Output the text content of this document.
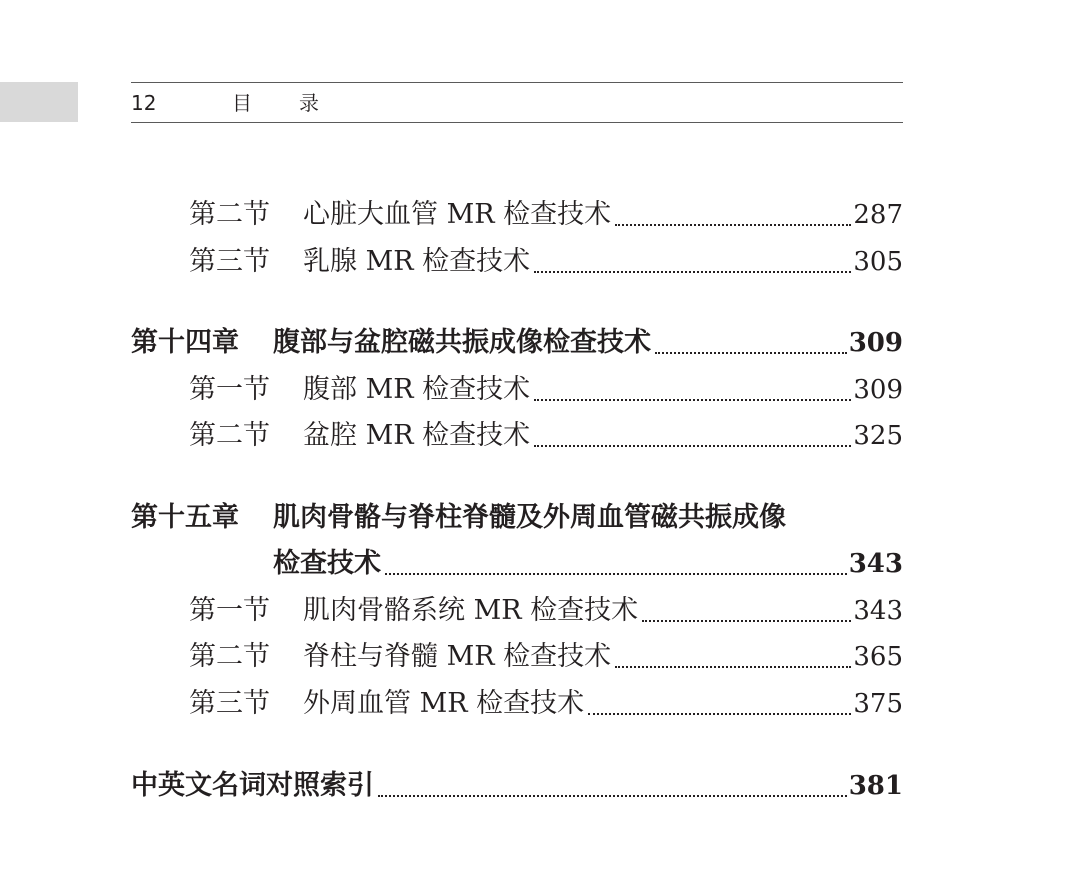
12	目 录
第二节	心脏大血管 MR 检查技术	287
第三节	乳腺 MR 检查技术	305
第十四章	腹部与盆腔磁共振成像检查技术	309
第一节	腹部 MR 检查技术	309
第二节	盆腔 MR 检查技术	325
第十五章 肌肉骨骼与脊柱脊髓及外周血管磁共振成像
检查技术	343
第一节	肌肉骨骼系统 MR 检查技术	343
第二节	脊柱与脊髓 MR 检查技术	365
第三节	外周血管 MR 检查技术	375
中英文名词对照索引	381
